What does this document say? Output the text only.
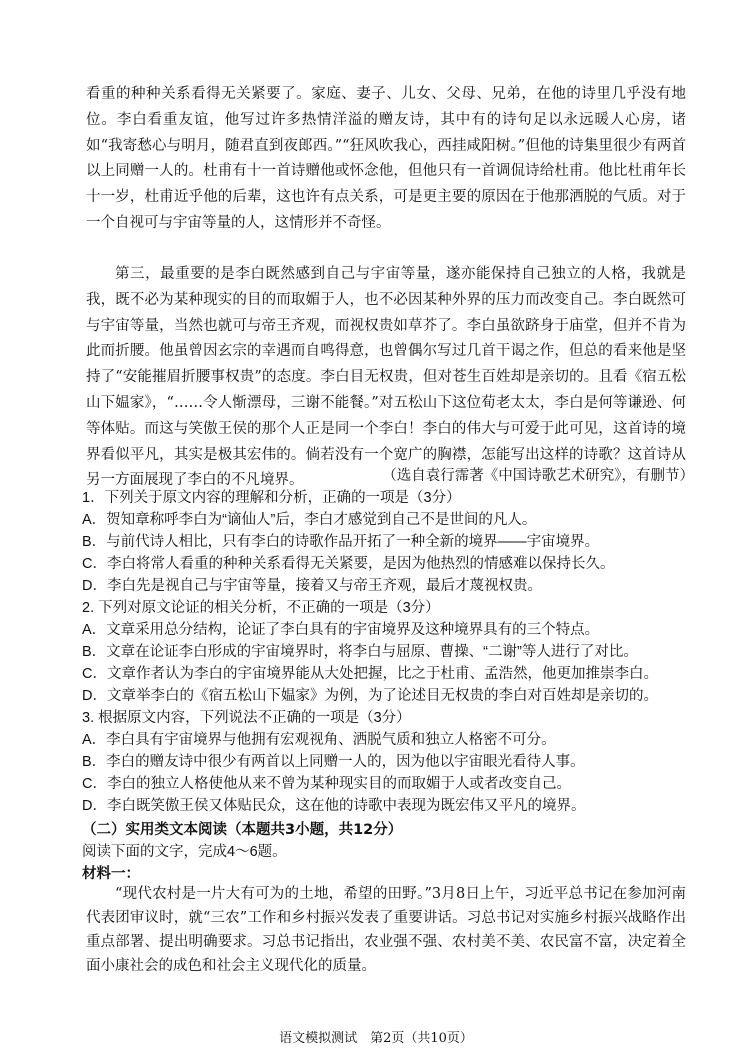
看重的种种关系看得无关紧要了。家庭、妻子、儿女、父母、兄弟，在他的诗里几乎没有地位。李白看重友谊，他写过许多热情洋溢的赠友诗，其中有的诗句足以永远暖人心房，诸如“我寄愁心与明月，随君直到夜郎西。”“狂风吹我心，西挂咸阳树。”但他的诗集里很少有两首以上同赠一人的。杜甫有十一首诗赠他或怀念他，但他只有一首调侃诗给杜甫。他比杜甫年长十一岁，杜甫近乎他的后辈，这也许有点关系，可是更主要的原因在于他那洒脱的气质。对于一个自视可与宇宙等量的人，这情形并不奇怪。

第三，最重要的是李白既然感到自己与宇宙等量，遂亦能保持自己独立的人格，我就是我，既不必为某种现实的目的而取媚于人，也不必因某种外界的压力而改变自己。李白既然可与宇宙等量，当然也就可与帝王齐观，而视权贵如草芥了。李白虽欲跻身于庙堂，但并不肯为此而折腰。他虽曾因玄宗的幸遇而自鸣得意，也曾偶尔写过几首干谒之作，但总的看来他是坚持了“安能摧眉折腰事权贵”的态度。李白目无权贵，但对苍生百姓却是亲切的。且看《宿五松山下媪家》，“……令人惭漂母，三谢不能餐。”对五松山下这位荀老太太，李白是何等谦逊、何等体贴。而这与笑傲王侯的那个人正是同一个李白！李白的伟大与可爱于此可见，这首诗的境界看似平凡，其实是极其宏伟的。倘若没有一个宽广的胸襟，怎能写出这样的诗歌？这首诗从另一方面展现了李白的不凡境界。	（选自袁行霈著《中国诗歌艺术研究》，有删节）
1．下列关于原文内容的理解和分析，正确的一项是（3分）
A．贺知章称呼李白为“谪仙人”后，李白才感觉到自己不是世间的凡人。
B．与前代诗人相比，只有李白的诗歌作品开拓了一种全新的境界——宇宙境界。
C．李白将常人看重的种种关系看得无关紧要，是因为他热烈的情感难以保持长久。
D．李白先是视自己与宇宙等量，接着又与帝王齐观，最后才蔑视权贵。
2. 下列对原文论证的相关分析，不正确的一项是（3分）
A．文章采用总分结构，论证了李白具有的宇宙境界及这种境界具有的三个特点。
B．文章在论证李白形成的宇宙境界时，将李白与屈原、曹操、“二谢”等人进行了对比。
C．文章作者认为李白的宇宙境界能从大处把握，比之于杜甫、孟浩然，他更加推崇李白。
D．文章举李白的《宿五松山下媪家》为例，为了论述目无权贵的李白对百姓却是亲切的。
3. 根据原文内容，下列说法不正确的一项是（3分）
A．李白具有宇宙境界与他拥有宏观视角、洒脱气质和独立人格密不可分。
B．李白的赠友诗中很少有两首以上同赠一人的，因为他以宇宙眼光看待人事。
C．李白的独立人格使他从来不曾为某种现实目的而取媚于人或者改变自己。
D．李白既笑傲王侯又体贴民众，这在他的诗歌中表现为既宏伟又平凡的境界。
（二）实用类文本阅读（本题共3小题，共12分）
阅读下面的文字，完成4～6题。
材料一：

“现代农村是一片大有可为的土地，希望的田野。”3月8日上午，习近平总书记在参加河南代表团审议时，就“三农”工作和乡村振兴发表了重要讲话。习总书记对实施乡村振兴战略作出重点部署、提出明确要求。习总书记指出，农业强不强、农村美不美、农民富不富，决定着全面小康社会的成色和社会主义现代化的质量。

语文模拟测试　第2页（共10页）
